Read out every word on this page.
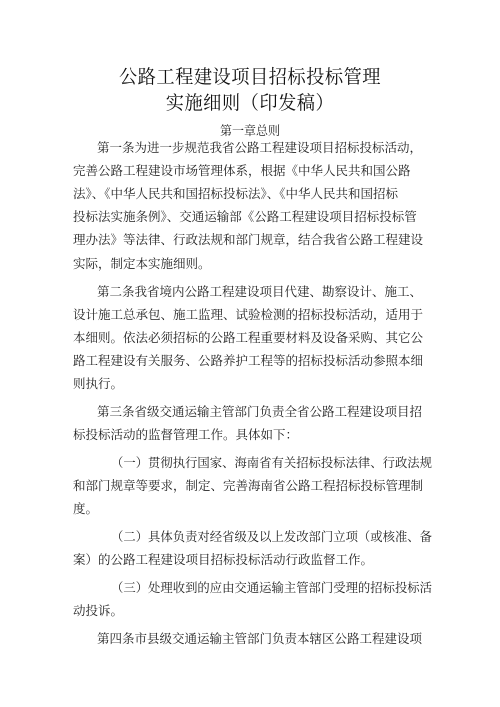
公路工程建设项目招标投标管理
实施细则（印发稿）

第一章总则

第一条为进一步规范我省公路工程建设项目招标投标活动，

完善公路工程建设市场管理体系，根据《中华人民共和国公路

法》、《中华人民共和国招标投标法》、《中华人民共和国招标

投标法实施条例》、交通运输部《公路工程建设项目招标投标管

理办法》等法律、行政法规和部门规章，结合我省公路工程建设

实际，制定本实施细则。

第二条我省境内公路工程建设项目代建、勘察设计、施工、

设计施工总承包、施工监理、试验检测的招标投标活动，适用于

本细则。依法必须招标的公路工程重要材料及设备采购、其它公

路工程建设有关服务、公路养护工程等的招标投标活动参照本细

则执行。

第三条省级交通运输主管部门负责全省公路工程建设项目招

标投标活动的监督管理工作。具体如下：

（一）贯彻执行国家、海南省有关招标投标法律、行政法规

和部门规章等要求，制定、完善海南省公路工程招标投标管理制

度。

（二）具体负责对经省级及以上发改部门立项（或核准、备

案）的公路工程建设项目招标投标活动行政监督工作。

（三）处理收到的应由交通运输主管部门受理的招标投标活

动投诉。

第四条市县级交通运输主管部门负责本辖区公路工程建设项
